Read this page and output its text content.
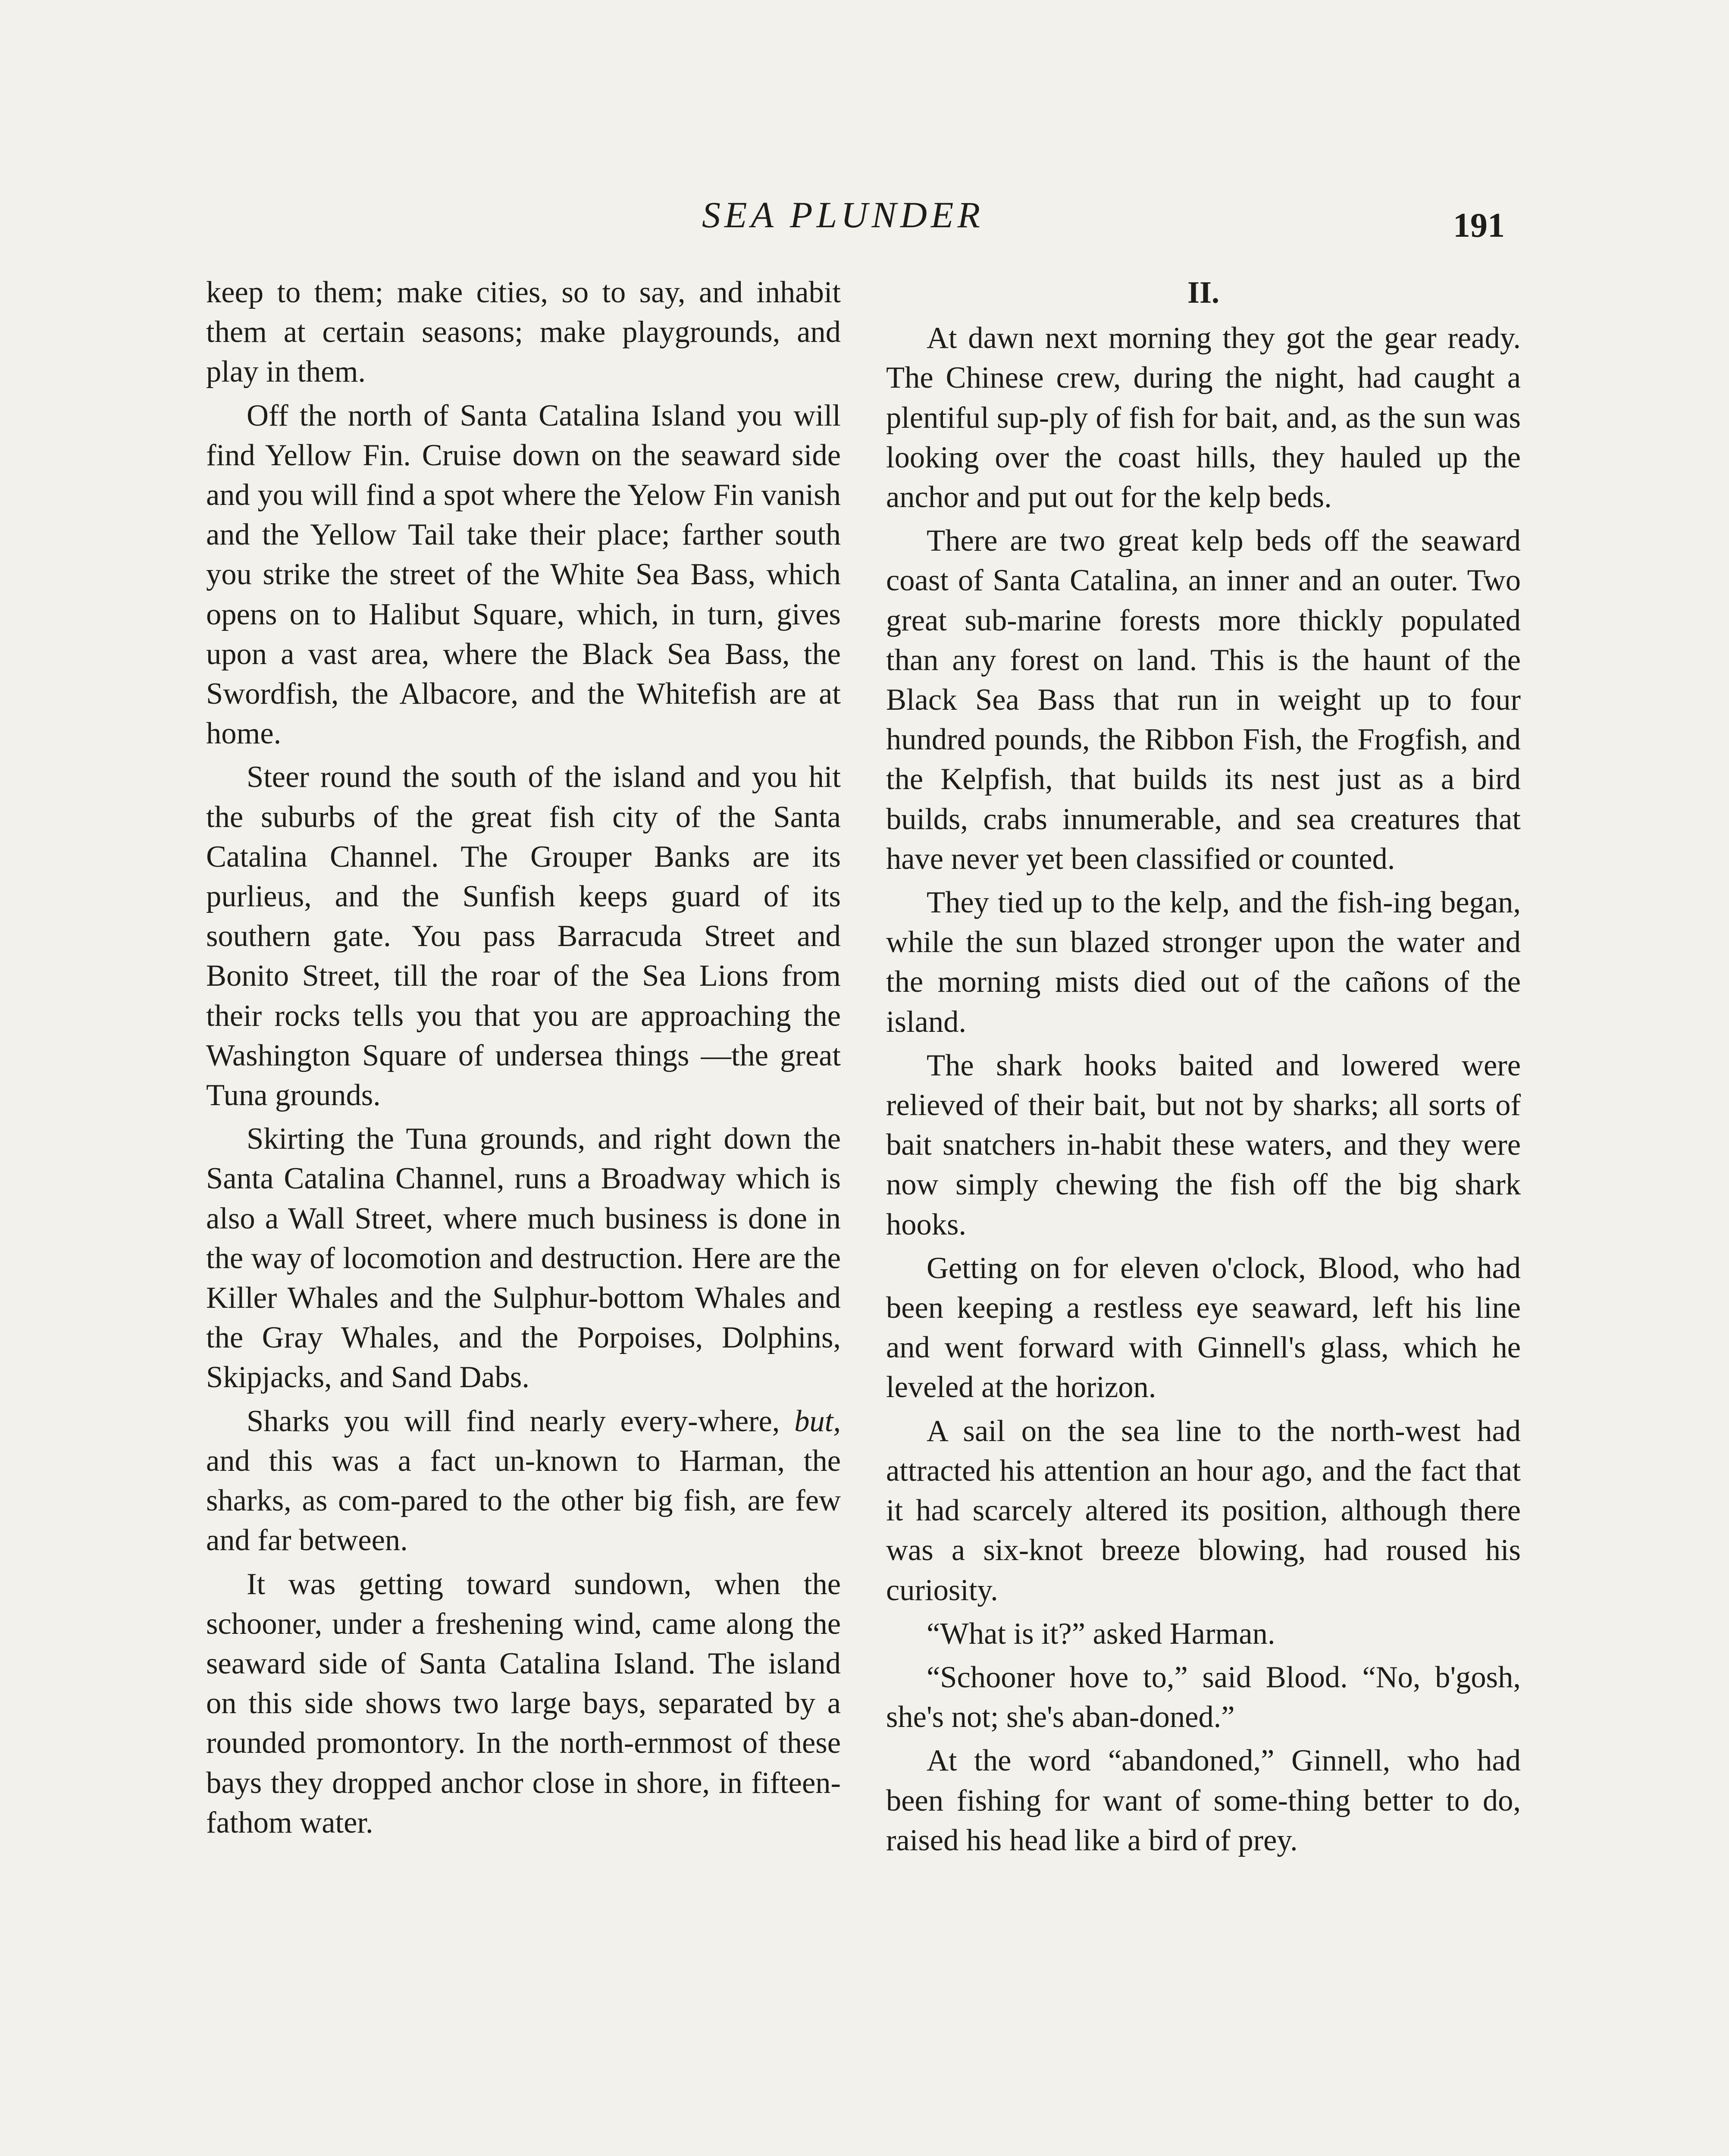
SEA PLUNDER	191

keep to them; make cities, so to say, and inhabit them at certain seasons; make playgrounds, and play in them.

Off the north of Santa Catalina Island you will find Yellow Fin. Cruise down on the seaward side and you will find a spot where the Yelow Fin vanish and the Yellow Tail take their place; farther south you strike the street of the White Sea Bass, which opens on to Halibut Square, which, in turn, gives upon a vast area, where the Black Sea Bass, the Swordfish, the Albacore, and the Whitefish are at home.

Steer round the south of the island and you hit the suburbs of the great fish city of the Santa Catalina Channel. The Grouper Banks are its purlieus, and the Sunfish keeps guard of its southern gate. You pass Barracuda Street and Bonito Street, till the roar of the Sea Lions from their rocks tells you that you are approaching the Washington Square of undersea things —the great Tuna grounds.

Skirting the Tuna grounds, and right down the Santa Catalina Channel, runs a Broadway which is also a Wall Street, where much business is done in the way of locomotion and destruction. Here are the Killer Whales and the Sulphur-bottom Whales and the Gray Whales, and the Porpoises, Dolphins, Skipjacks, and Sand Dabs.

Sharks you will find nearly every-where, but, and this was a fact un-known to Harman, the sharks, as com-pared to the other big fish, are few and far between.

It was getting toward sundown, when the schooner, under a freshening wind, came along the seaward side of Santa Catalina Island. The island on this side shows two large bays, separated by a rounded promontory. In the north-ernmost of these bays they dropped anchor close in shore, in fifteen-fathom water.

II.

At dawn next morning they got the gear ready. The Chinese crew, during the night, had caught a plentiful sup-ply of fish for bait, and, as the sun was looking over the coast hills, they hauled up the anchor and put out for the kelp beds.

There are two great kelp beds off the seaward coast of Santa Catalina, an inner and an outer. Two great sub-marine forests more thickly populated than any forest on land. This is the haunt of the Black Sea Bass that run in weight up to four hundred pounds, the Ribbon Fish, the Frogfish, and the Kelpfish, that builds its nest just as a bird builds, crabs innumerable, and sea creatures that have never yet been classified or counted.

They tied up to the kelp, and the fish-ing began, while the sun blazed stronger upon the water and the morning mists died out of the cañons of the island.

The shark hooks baited and lowered were relieved of their bait, but not by sharks; all sorts of bait snatchers in-habit these waters, and they were now simply chewing the fish off the big shark hooks.

Getting on for eleven o'clock, Blood, who had been keeping a restless eye seaward, left his line and went forward with Ginnell's glass, which he leveled at the horizon.

A sail on the sea line to the north-west had attracted his attention an hour ago, and the fact that it had scarcely altered its position, although there was a six-knot breeze blowing, had roused his curiosity.

“What is it?” asked Harman.

“Schooner hove to,” said Blood. “No, b'gosh, she's not; she's aban-doned.”

At the word “abandoned,” Ginnell, who had been fishing for want of some-thing better to do, raised his head like a bird of prey.
